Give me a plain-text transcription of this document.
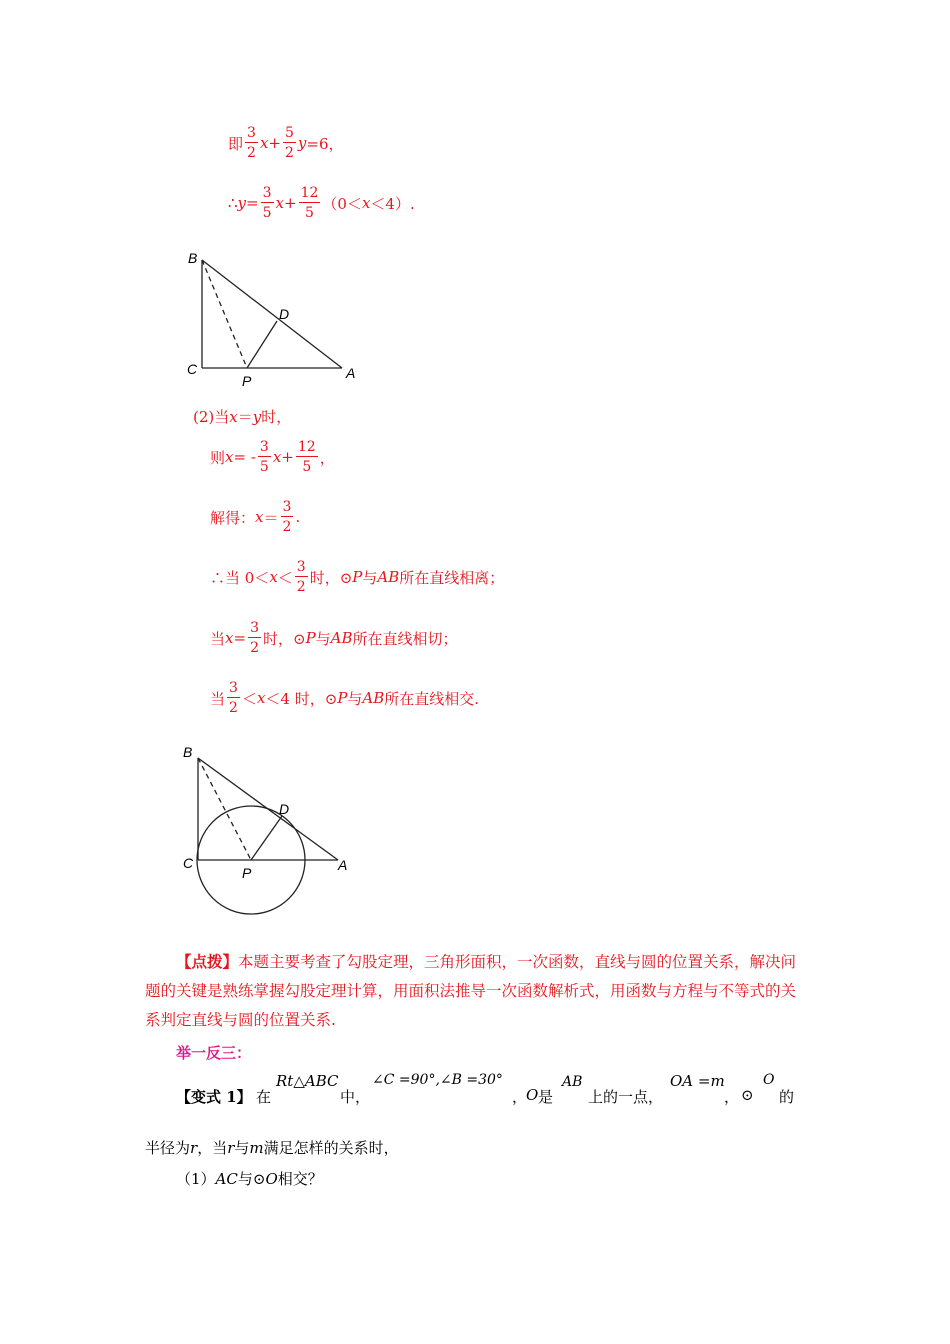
即 $\frac{3}{2}$ $x + \frac{5}{2}$ y =6，
∴ $y = \frac{3}{5}$ $x + \frac{12}{5} (0< x <4)$.
B
C
P
D
A
(2)当 x ＝ y 时，
则 x = - $\frac{3}{5}$ $x + \frac{12}{5}$ ，
解得： $x = \frac{3}{2}$ .
∴当 $0< x < \frac{3}{2}$ 时，⊙ P 与 AB 所在直线相离；
当 $x = \frac{3}{2}$ 时，⊙ P 与 AB 所在直线相切；
当 $\frac{3}{2} < x <4$ 时，⊙ P 与 AB 所在直线相交.
B
C
P
D
A
【点拨】本题主要考查了勾股定理，三角形面积，一次函数，直线与圆的位置关系，解决问题的关键是熟练掌握勾股定理计算，用面积法推导一次函数解析式，用函数与方程与不等式的关系判定直线与圆的位置关系.
举一反三：
【变式 1】 在
Rt△ABC
中，
∠C =90°,∠B =30°
，
O 是
AB
上的一点，
OA =m
， ⊙
O
的
半径为 r ，当 r 与 m 满足怎样的关系时，
（1） AC 与⊙ O 相交？
